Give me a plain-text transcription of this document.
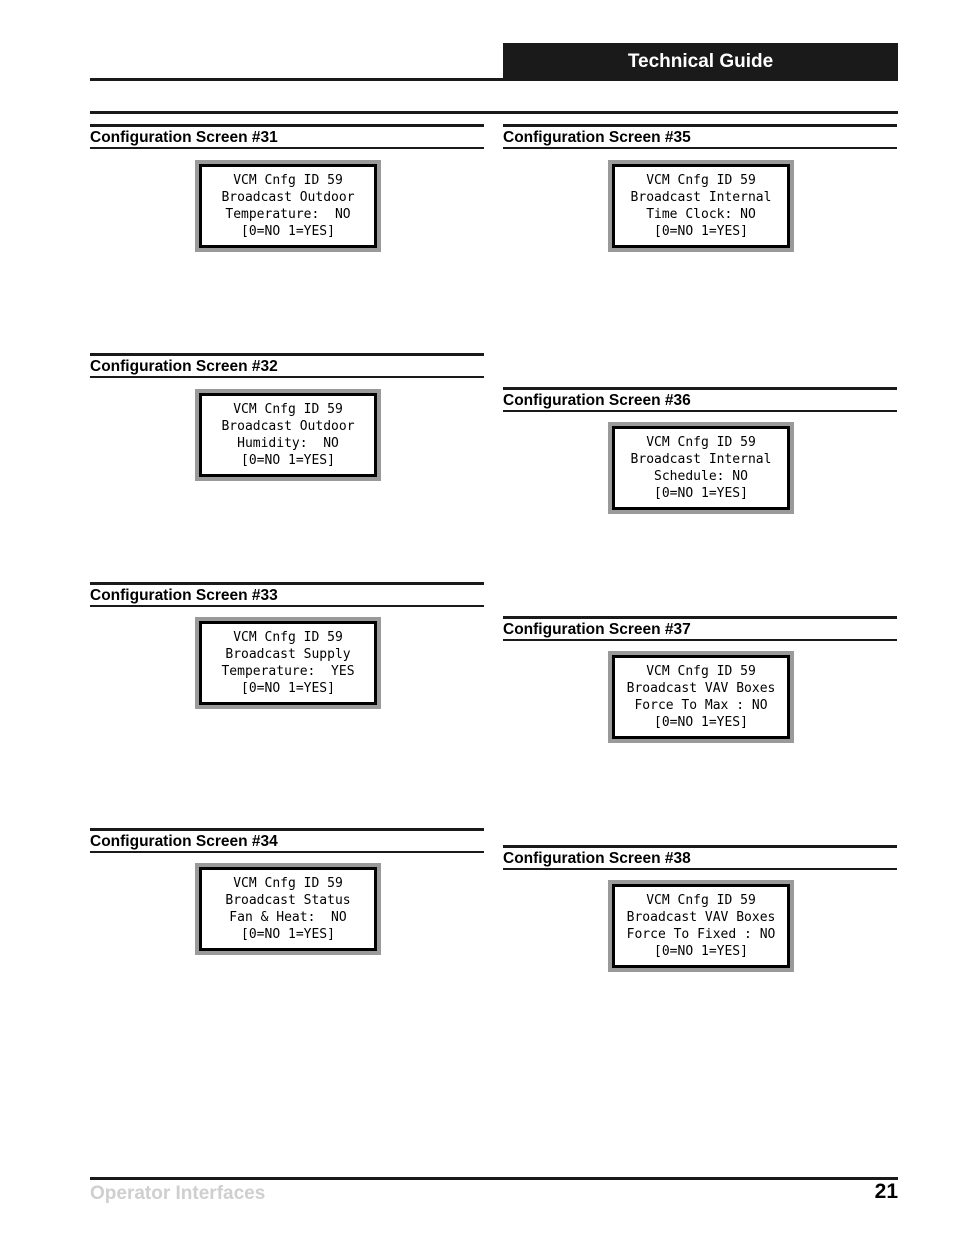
Technical Guide
Configuration Screen #31
VCM Cnfg ID 59
Broadcast Outdoor
Temperature:  NO
[0=NO 1=YES]
Configuration Screen #32
VCM Cnfg ID 59
Broadcast Outdoor
Humidity:  NO
[0=NO 1=YES]
Configuration Screen #33
VCM Cnfg ID 59
Broadcast Supply
Temperature:  YES
[0=NO 1=YES]
Configuration Screen #34
VCM Cnfg ID 59
Broadcast Status
Fan & Heat:  NO
[0=NO 1=YES]
Configuration Screen #35
VCM Cnfg ID 59
Broadcast Internal
Time Clock: NO
[0=NO 1=YES]
Configuration Screen #36
VCM Cnfg ID 59
Broadcast Internal
Schedule: NO
[0=NO 1=YES]
Configuration Screen #37
VCM Cnfg ID 59
Broadcast VAV Boxes
Force To Max : NO
[0=NO 1=YES]
Configuration Screen #38
VCM Cnfg ID 59
Broadcast VAV Boxes
Force To Fixed : NO
[0=NO 1=YES]
Operator Interfaces	21
